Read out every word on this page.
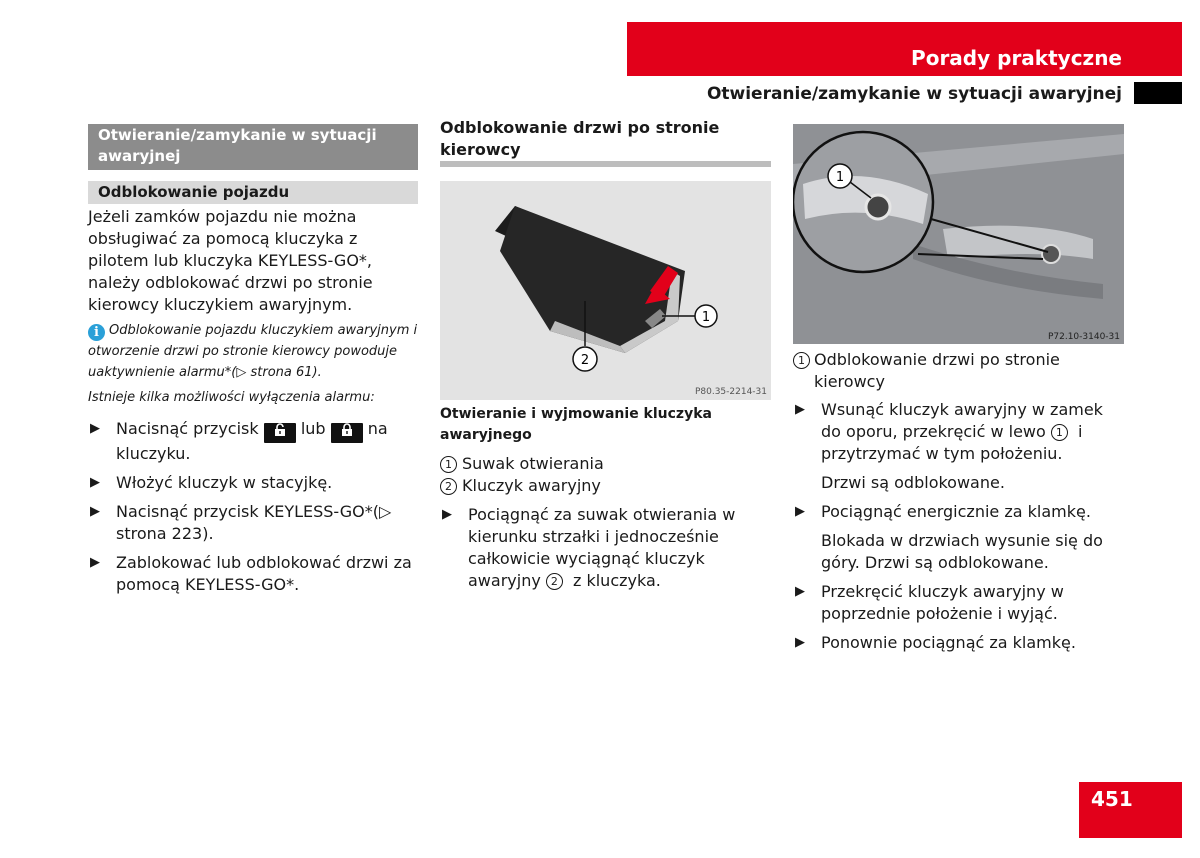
Porady praktyczne
Otwieranie/zamykanie w sytuacji awaryjnej
Otwieranie/zamykanie w sytuacji awaryjnej
Odblokowanie pojazdu
Jeżeli zamków pojazdu nie można obsługiwać za pomocą kluczyka z pilotem lub kluczyka KEYLESS-GO*, należy odblokować drzwi po stronie kierowcy kluczykiem awaryjnym.
i Odblokowanie pojazdu kluczykiem awaryjnym i otworzenie drzwi po stronie kierowcy powoduje uaktywnienie alarmu*(▷ strona 61).
Istnieje kilka możliwości wyłączenia alarmu:
▶ Nacisnąć przycisk	lub	na kluczyku.
▶ Włożyć kluczyk w stacyjkę.
▶ Nacisnąć przycisk KEYLESS-GO*(▷ strona 223).
▶ Zablokować lub odblokować drzwi za pomocą KEYLESS-GO*.
Odblokowanie drzwi po stronie kierowcy
1
2
P80.35-2214-31
Otwieranie i wyjmowanie kluczyka awaryjnego
1 Suwak otwierania
2 Kluczyk awaryjny
▶ Pociągnąć za suwak otwierania w kierunku strzałki i jednocześnie całkowicie wyciągnąć kluczyk awaryjny 2 z kluczyka.
1
P72.10-3140-31
1 Odblokowanie drzwi po stronie kierowcy
▶ Wsunąć kluczyk awaryjny w zamek do oporu, przekręcić w lewo 1 i przytrzymać w tym położeniu.

Drzwi są odblokowane.

▶ Pociągnąć energicznie za klamkę.

Blokada w drzwiach wysunie się do góry. Drzwi są odblokowane.

▶ Przekręcić kluczyk awaryjny w poprzednie położenie i wyjąć.
▶ Ponownie pociągnąć za klamkę.
451
